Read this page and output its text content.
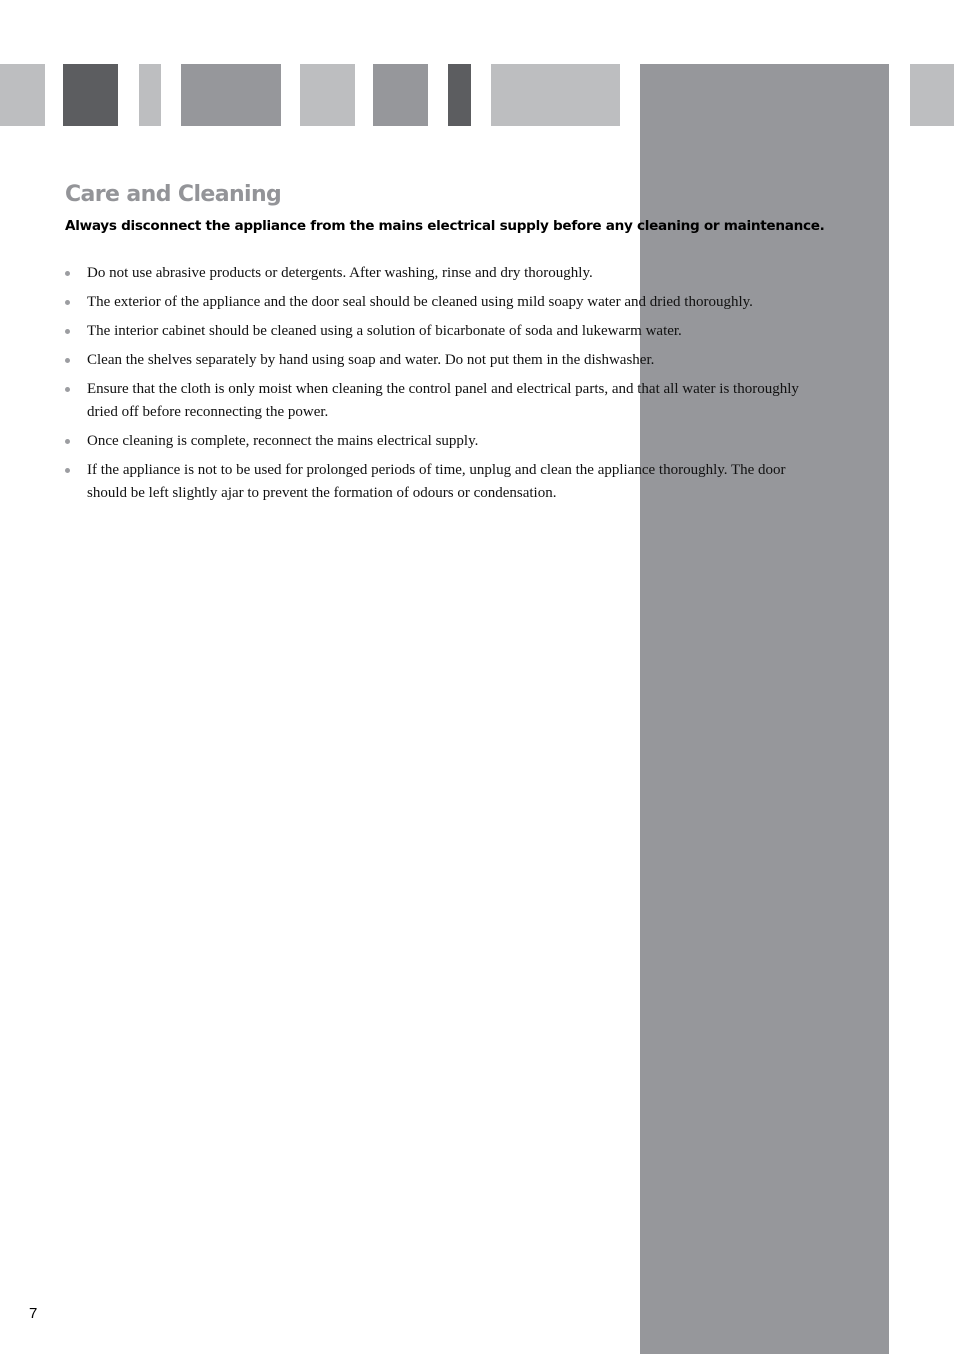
Care and Cleaning

Always disconnect the appliance from the mains electrical supply before any cleaning or maintenance.

Do not use abrasive products or detergents. After washing, rinse and dry thoroughly.
The exterior of the appliance and the door seal should be cleaned using mild soapy water and dried thoroughly.
The interior cabinet should be cleaned using a solution of bicarbonate of soda and lukewarm water.
Clean the shelves separately by hand using soap and water. Do not put them in the dishwasher.
Ensure that the cloth is only moist when cleaning the control panel and electrical parts, and that all water is thoroughly dried off before reconnecting the power.
Once cleaning is complete, reconnect the mains electrical supply.
If the appliance is not to be used for prolonged periods of time, unplug and clean the appliance thoroughly. The door should be left slightly ajar to prevent the formation of odours or condensation.
7
